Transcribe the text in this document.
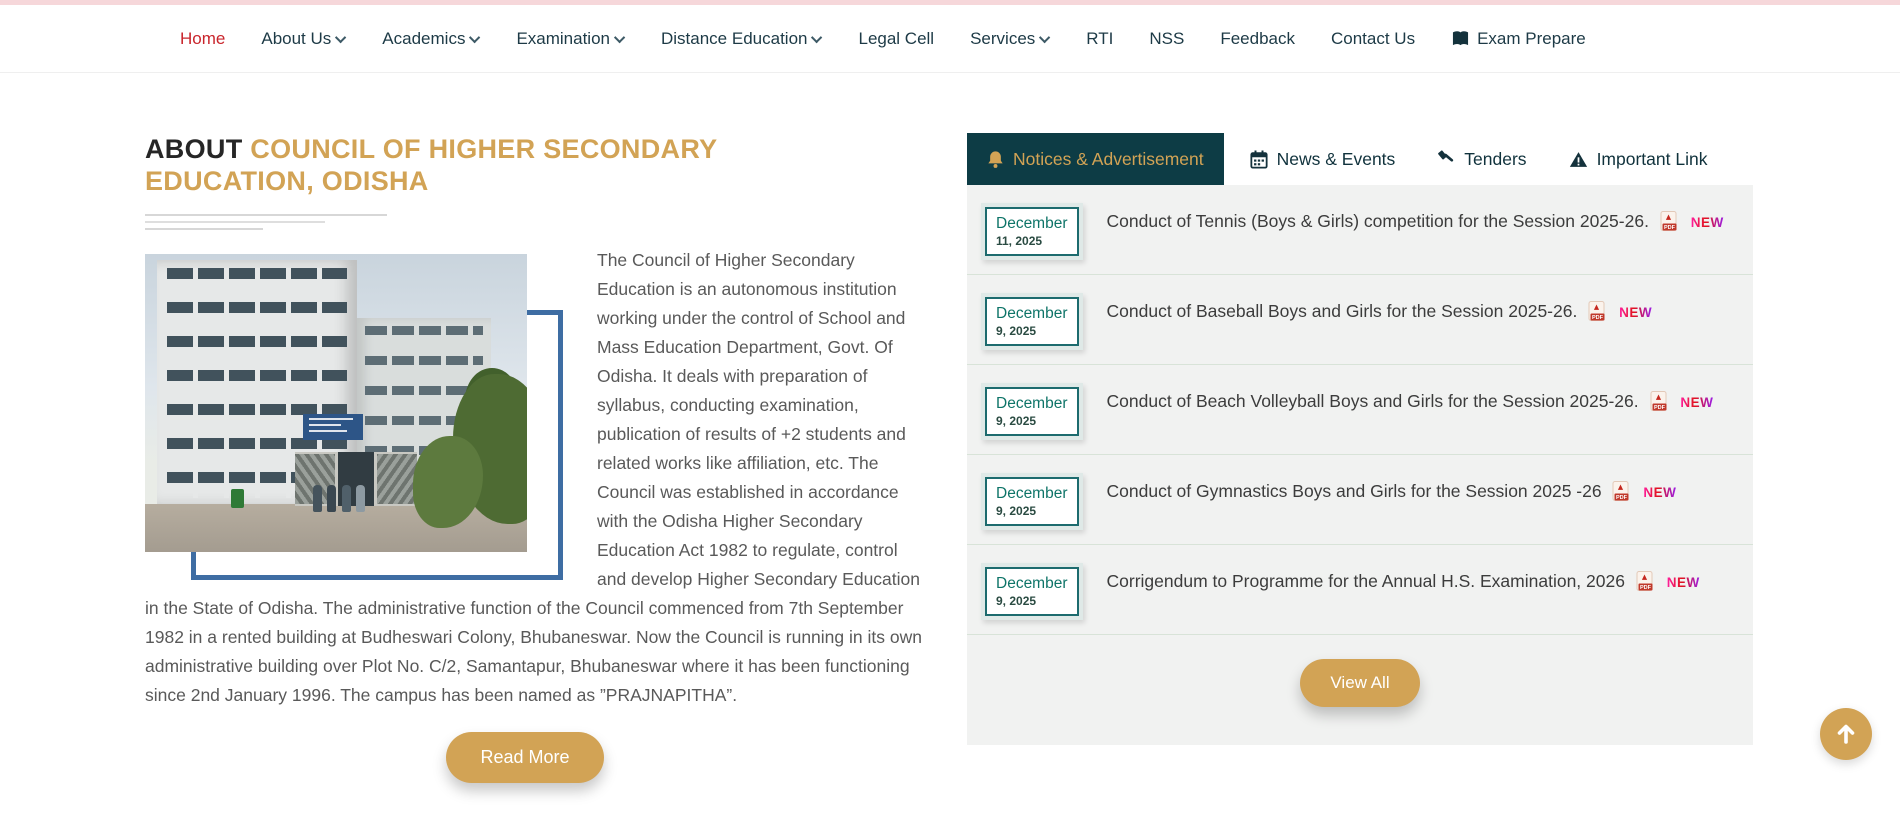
Home About Us	Academics	Examination	Distance Education	Legal Cell Services	RTI NSS Feedback Contact Us	Exam Prepare
ABOUT COUNCIL OF HIGHER SECONDARY EDUCATION, ODISHA
The Council of Higher Secondary Education is an autonomous institution working under the control of School and Mass Education Department, Govt. Of Odisha. It deals with preparation of syllabus, conducting examination, publication of results of +2 students and related works like affiliation, etc. The Council was established in accordance with the Odisha Higher Secondary Education Act 1982 to regulate, control and develop Higher Secondary Education in the State of Odisha. The administrative function of the Council commenced from 7th September 1982 in a rented building at Budheswari Colony, Bhubaneswar. Now the Council is running in its own administrative building over Plot No. C/2, Samantapur, Bhubaneswar where it has been functioning since 2nd January 1996. The campus has been named as ”PRAJNAPITHA”.
Read More
Notices & Advertisement	News & Events	Tenders	Important Link
December
11, 2025
Conduct of Tennis (Boys & Girls) competition for the Session 2025-26.	PDF NEW
December
9, 2025
Conduct of Baseball Boys and Girls for the Session 2025-26.	PDF NEW
December
9, 2025
Conduct of Beach Volleyball Boys and Girls for the Session 2025-26.	PDF NEW
December
9, 2025
Conduct of Gymnastics Boys and Girls for the Session 2025 -26	PDF NEW
December
9, 2025
Corrigendum to Programme for the Annual H.S. Examination, 2026	PDF NEW
View All
